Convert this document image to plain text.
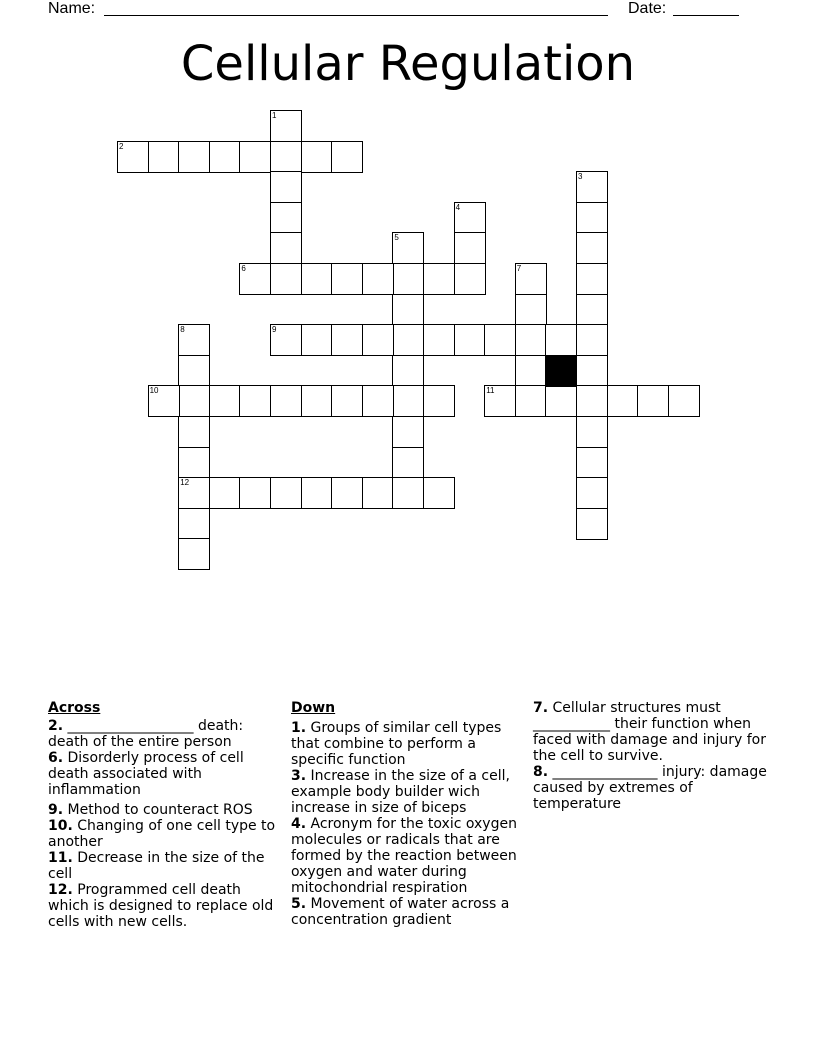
Name:	Date:
Cellular Regulation
1
2
3
4
5
6	7
8
12
9
10	11
Across
2. __________________ death: death of the entire person
6. Disorderly process of cell death associated with inflammation
9. Method to counteract ROS
10. Changing of one cell type to another
11. Decrease in the size of the cell
12. Programmed cell death which is designed to replace old cells with new cells.
Down
1. Groups of similar cell types that combine to perform a specific function
3. Increase in the size of a cell, example body builder wich increase in size of biceps
4. Acronym for the toxic oxygen molecules or radicals that are formed by the reaction between oxygen and water during mitochondrial respiration
5. Movement of water across a concentration gradient
7. Cellular structures must ___________ their function when faced with damage and injury for the cell to survive.
8. _______________ injury: damage caused by extremes of temperature
